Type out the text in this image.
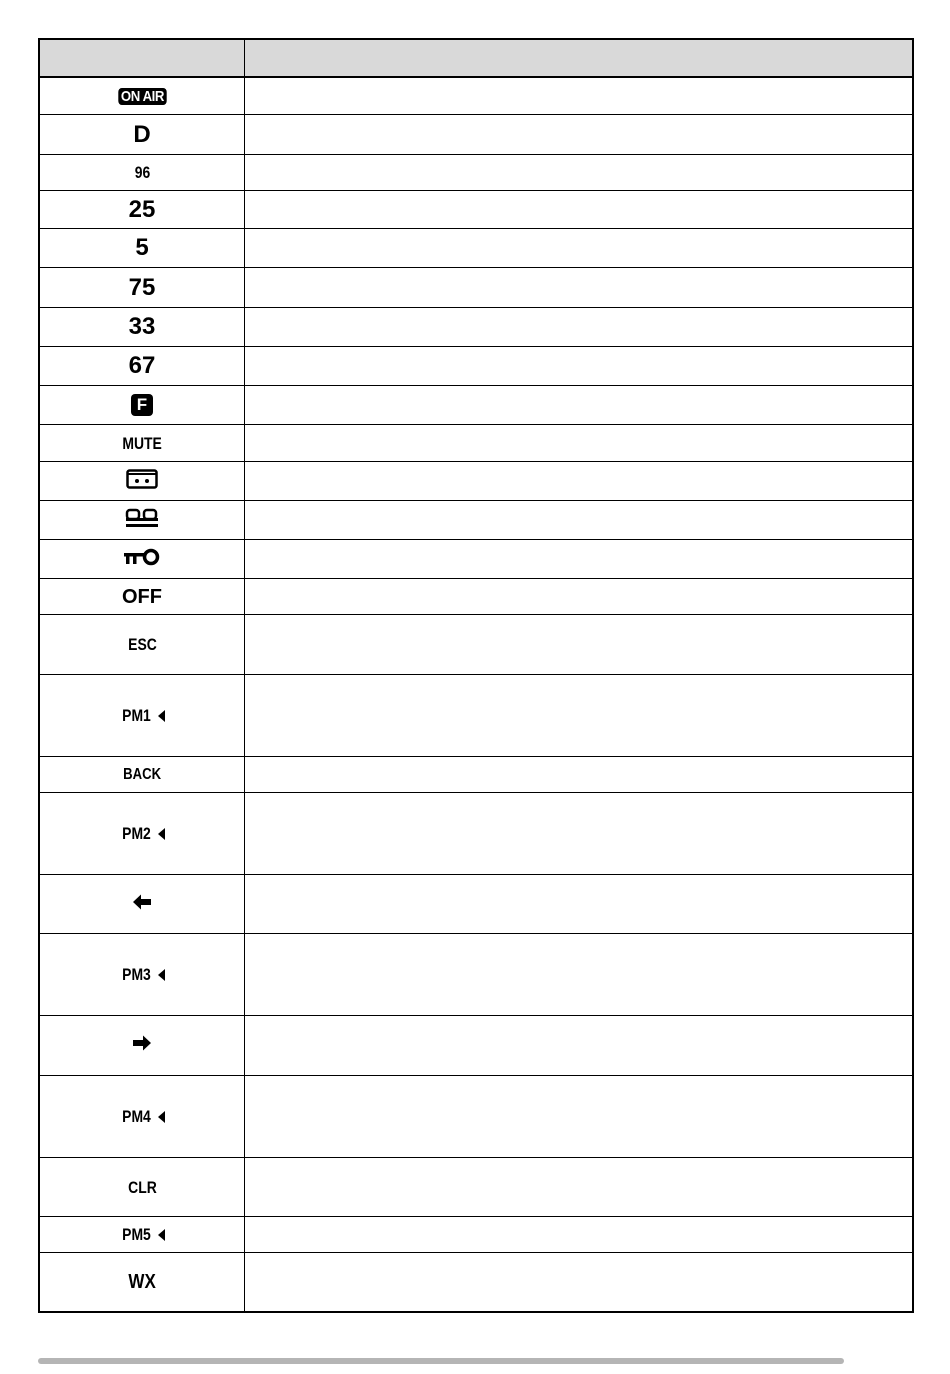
ON AIR
D
96
25
5
75
33
67
F
MUTE
OFF
ESC
PM1
BACK
PM2
PM3
PM4
CLR
PM5
WX
